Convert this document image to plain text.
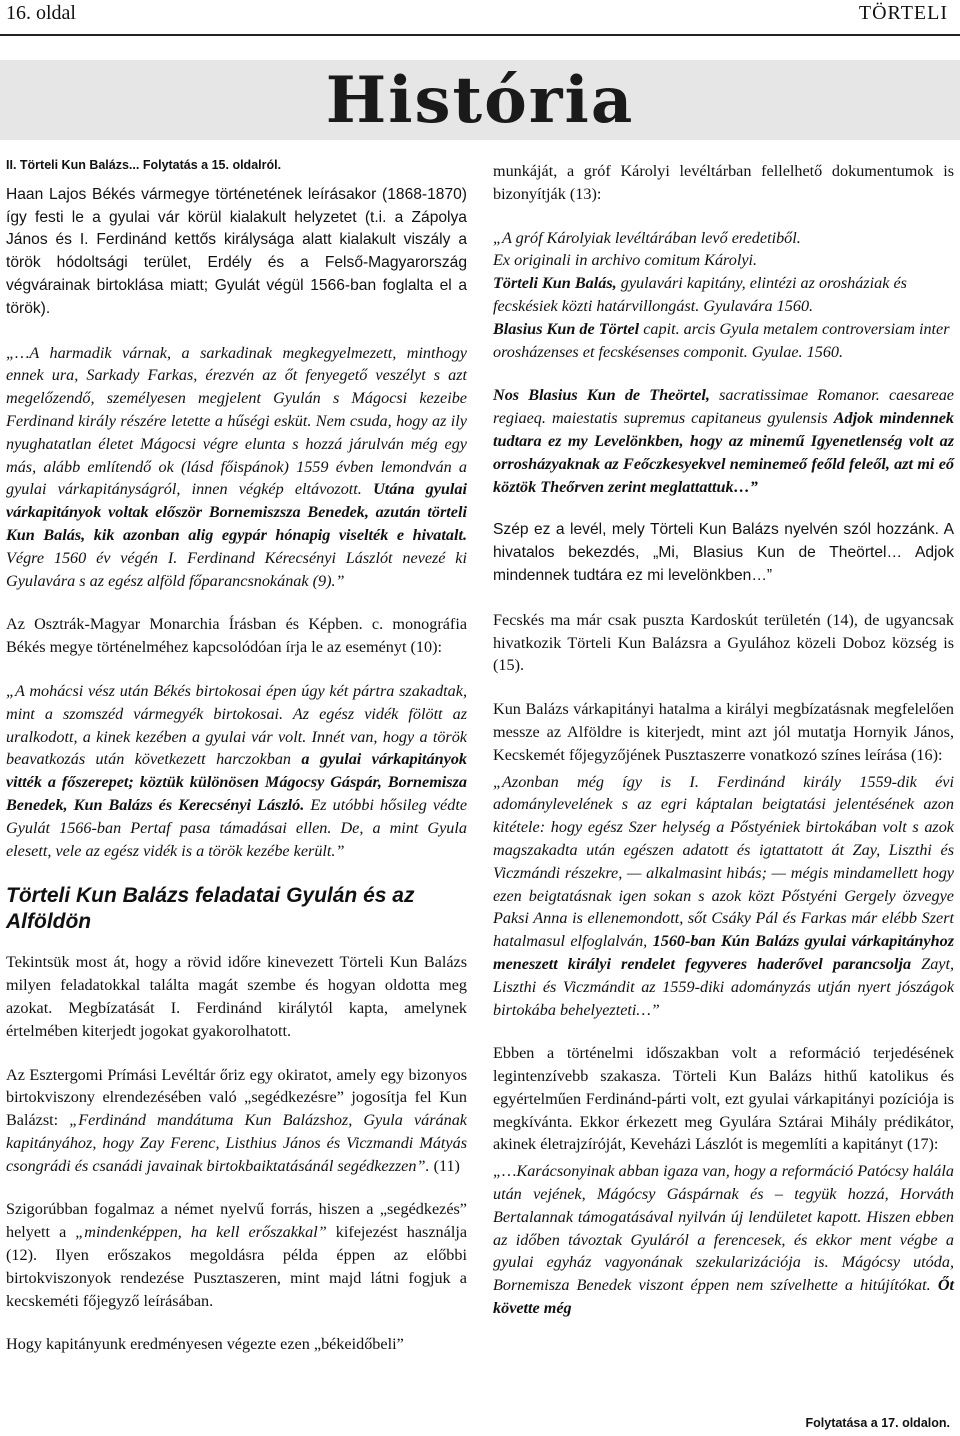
16. oldal	TÖRTELI
História

II. Törteli Kun Balázs... Folytatás a 15. oldalról.

Haan Lajos Békés vármegye történetének leírásakor (1868-1870) így festi le a gyulai vár körül kialakult helyzetet (t.i. a Zápolya János és I. Ferdinánd kettős királysága alatt kialakult viszály a török hódoltsági terület, Erdély és a Felső-Magyarország végvárainak birtoklása miatt; Gyulát végül 1566-ban foglalta el a török).

„…A harmadik várnak, a sarkadinak megkegyelmezett, minthogy ennek ura, Sarkady Farkas, érezvén az őt fenyegető veszélyt s azt megelőzendő, személyesen megjelent Gyulán s Mágocsi kezeibe Ferdinand király részére letette a hűségi esküt. Nem csuda, hogy az ily nyughatatlan életet Mágocsi végre elunta s hozzá járulván még egy más, alább említendő ok (lásd főispánok) 1559 évben lemondván a gyulai várkapitányságról, innen végkép eltávozott. Utána gyulai várkapitányok voltak először Bornemiszsza Benedek, azután törteli Kun Balás, kik azonban alig egypár hónapig viselték e hivatalt. Végre 1560 év végén I. Ferdinand Kérecsényi Lászlót nevezé ki Gyulavára s az egész alföld főparancsnokának (9).”

Az Osztrák-Magyar Monarchia Írásban és Képben. c. monográfia Békés megye történelméhez kapcsolódóan írja le az eseményt (10):

„A mohácsi vész után Békés birtokosai épen úgy két pártra szakadtak, mint a szomszéd vármegyék birtokosai. Az egész vidék fölött az uralkodott, a kinek kezében a gyulai vár volt. Innét van, hogy a török beavatkozás után következett harczokban a gyulai várkapitányok vitték a főszerepet; köztük különösen Mágocsy Gáspár, Bornemisza Benedek, Kun Balázs és Kerecsényi László. Ez utóbbi hősileg védte Gyulát 1566-ban Pertaf pasa támadásai ellen. De, a mint Gyula elesett, vele az egész vidék is a török kezébe került.”

Törteli Kun Balázs feladatai Gyulán és az Alföldön

Tekintsük most át, hogy a rövid időre kinevezett Törteli Kun Balázs milyen feladatokkal találta magát szembe és hogyan oldotta meg azokat. Megbízatását I. Ferdinánd királytól kapta, amelynek értelmében kiterjedt jogokat gyakorolhatott.

Az Esztergomi Prímási Levéltár őriz egy okiratot, amely egy bizonyos birtokviszony elrendezésében való „segédkezésre” jogosítja fel Kun Balázst: „Ferdinánd mandátuma Kun Balázshoz, Gyula várának kapitányához, hogy Zay Ferenc, Listhius János és Viczmandi Mátyás csongrádi és csanádi javainak birtokbaiktatásánál segédkezzen”. (11)

Szigorúbban fogalmaz a német nyelvű forrás, hiszen a „segédkezés” helyett a „mindenképpen, ha kell erőszakkal” kifejezést használja (12). Ilyen erőszakos megoldásra példa éppen az előbbi birtokviszonyok rendezése Pusztaszeren, mint majd látni fogjuk a kecskeméti főjegyző leírásában.

Hogy kapitányunk eredményesen végezte ezen „békeidőbeli”

munkáját, a gróf Károlyi levéltárban fellelhető dokumentumok is bizonyítják (13):

„A gróf Károlyiak levéltárában levő eredetiből.
Ex originali in archivo comitum Károlyi.
Törteli Kun Balás, gyulavári kapitány, elintézi az orosháziak és fecskésiek közti határvillongást. Gyulavára 1560.
Blasius Kun de Törtel capit. arcis Gyula metalem controversiam inter orosházenses et fecskésenses componit. Gyulae. 1560.

Nos Blasius Kun de Theörtel, sacratissimae Romanor. caesareae regiaeq. maiestatis supremus capitaneus gyulensis Adjok mindennek tudtara ez my Levelönkben, hogy az minemű Igyenetlenség volt az orrosházyaknak az Feőczkesyekvel neminemeő feőld feleől, azt mi eő köztök Theőrven zerint meglattattuk…”

Szép ez a levél, mely Törteli Kun Balázs nyelvén szól hozzánk. A hivatalos bekezdés, „Mi, Blasius Kun de Theörtel… Adjok mindennek tudtára ez mi levelönkben…”

Fecskés ma már csak puszta Kardoskút területén (14), de ugyancsak hivatkozik Törteli Kun Balázsra a Gyulához közeli Doboz község is (15).

Kun Balázs várkapitányi hatalma a királyi megbízatásnak megfelelően messze az Alföldre is kiterjedt, mint azt jól mutatja Hornyik János, Kecskemét főjegyzőjének Pusztaszerre vonatkozó színes leírása (16):

„Azonban még így is I. Ferdinánd király 1559-dik évi adománylevelének s az egri káptalan beigtatási jelentésének azon kitétele: hogy egész Szer helység a Pőstyéniek birtokában volt s azok magszakadta után egészen adatott és igtattatott át Zay, Liszthi és Viczmándi részekre, — alkalmasint hibás; — mégis mindamellett hogy ezen beigtatásnak igen sokan s azok közt Pőstyéni Gergely özvegye Paksi Anna is ellenemondott, sőt Csáky Pál és Farkas már elébb Szert hatalmasul elfoglalván, 1560-ban Kún Balázs gyulai várkapitányhoz meneszett királyi rendelet fegyveres haderővel parancsolja Zayt, Liszthi és Viczmándit az 1559-diki adományzás utján nyert jószágok birtokába behelyezteti…”

Ebben a történelmi időszakban volt a reformáció terjedésének legintenzívebb szakasza. Törteli Kun Balázs hithű katolikus és egyértelműen Ferdinánd-párti volt, ezt gyulai várkapitányi pozíciója is megkívánta. Ekkor érkezett meg Gyulára Sztárai Mihály prédikátor, akinek életrajzíróját, Keveházi Lászlót is megemlíti a kapitányt (17):

„…Karácsonyinak abban igaza van, hogy a reformáció Patócsy halála után vejének, Mágócsy Gáspárnak és – tegyük hozzá, Horváth Bertalannak támogatásával nyilván új lendületet kapott. Hiszen ebben az időben távoztak Gyuláról a ferencesek, és ekkor ment végbe a gyulai egyház vagyonának szekularizációja is. Mágócsy utóda, Bornemisza Benedek viszont éppen nem szívelhette a hitújítókat. Őt követte még

Folytatása a 17. oldalon.
